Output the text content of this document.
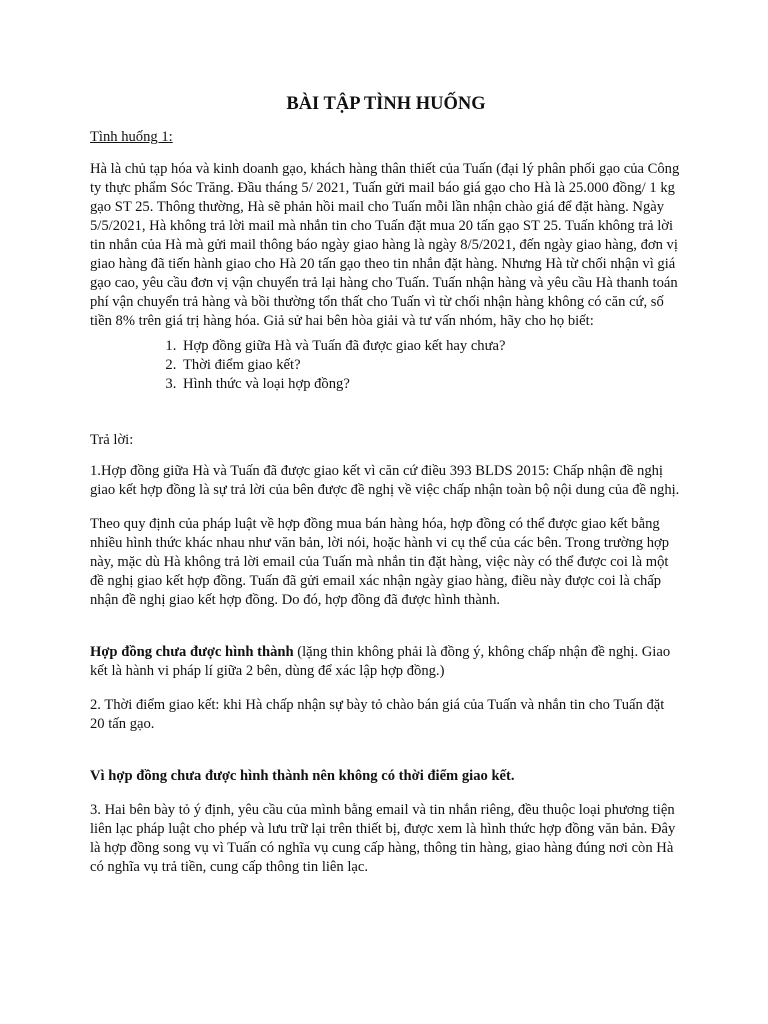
BÀI TẬP TÌNH HUỐNG
Tình huống 1:

Hà là chủ tạp hóa và kinh doanh gạo, khách hàng thân thiết của Tuấn (đại lý phân phối gạo của Công ty thực phẩm Sóc Trăng. Đầu tháng 5/ 2021, Tuấn gửi mail báo giá gạo cho Hà là 25.000 đồng/ 1 kg gạo ST 25. Thông thường, Hà sẽ phản hồi mail cho Tuấn mỗi lần nhận chào giá để đặt hàng. Ngày 5/5/2021, Hà không trả lời mail mà nhắn tin cho Tuấn đặt mua 20 tấn gạo ST 25. Tuấn không trả lời tin nhắn của Hà mà gửi mail thông báo ngày giao hàng là ngày 8/5/2021, đến ngày giao hàng, đơn vị giao hàng đã tiến hành giao cho Hà 20 tấn gạo theo tin nhắn đặt hàng. Nhưng Hà từ chối nhận vì giá gạo cao, yêu cầu đơn vị vận chuyển trả lại hàng cho Tuấn. Tuấn nhận hàng và yêu cầu Hà thanh toán phí vận chuyển trả hàng và bồi thường tổn thất cho Tuấn vì từ chối nhận hàng không có căn cứ, số tiền 8% trên giá trị hàng hóa. Giả sử hai bên hòa giải và tư vấn nhóm, hãy cho họ biết:

1. Hợp đồng giữa Hà và Tuấn đã được giao kết hay chưa?
2. Thời điểm giao kết?
3. Hình thức và loại hợp đồng?

Trả lời:

1.Hợp đồng giữa Hà và Tuấn đã được giao kết vì căn cứ điều 393 BLDS 2015: Chấp nhận đề nghị giao kết hợp đồng là sự trả lời của bên được đề nghị về việc chấp nhận toàn bộ nội dung của đề nghị.

Theo quy định của pháp luật về hợp đồng mua bán hàng hóa, hợp đồng có thể được giao kết bằng nhiều hình thức khác nhau như văn bản, lời nói, hoặc hành vi cụ thể của các bên. Trong trường hợp này, mặc dù Hà không trả lời email của Tuấn mà nhắn tin đặt hàng, việc này có thể được coi là một đề nghị giao kết hợp đồng. Tuấn đã gửi email xác nhận ngày giao hàng, điều này được coi là chấp nhận đề nghị giao kết hợp đồng. Do đó, hợp đồng đã được hình thành.

Hợp đồng chưa được hình thành (lặng thin không phải là đồng ý, không chấp nhận đề nghị. Giao kết là hành vi pháp lí giữa 2 bên, dùng để xác lập hợp đồng.)

2. Thời điểm giao kết: khi Hà chấp nhận sự bày tỏ chào bán giá của Tuấn và nhắn tin cho Tuấn đặt 20 tấn gạo.

Vì hợp đồng chưa được hình thành nên không có thời điểm giao kết.

3. Hai bên bày tỏ ý định, yêu cầu của mình bằng email và tin nhắn riêng, đều thuộc loại phương tiện liên lạc pháp luật cho phép và lưu trữ lại trên thiết bị, được xem là hình thức hợp đồng văn bản. Đây là hợp đồng song vụ vì Tuấn có nghĩa vụ cung cấp hàng, thông tin hàng, giao hàng đúng nơi còn Hà có nghĩa vụ trả tiền, cung cấp thông tin liên lạc.
